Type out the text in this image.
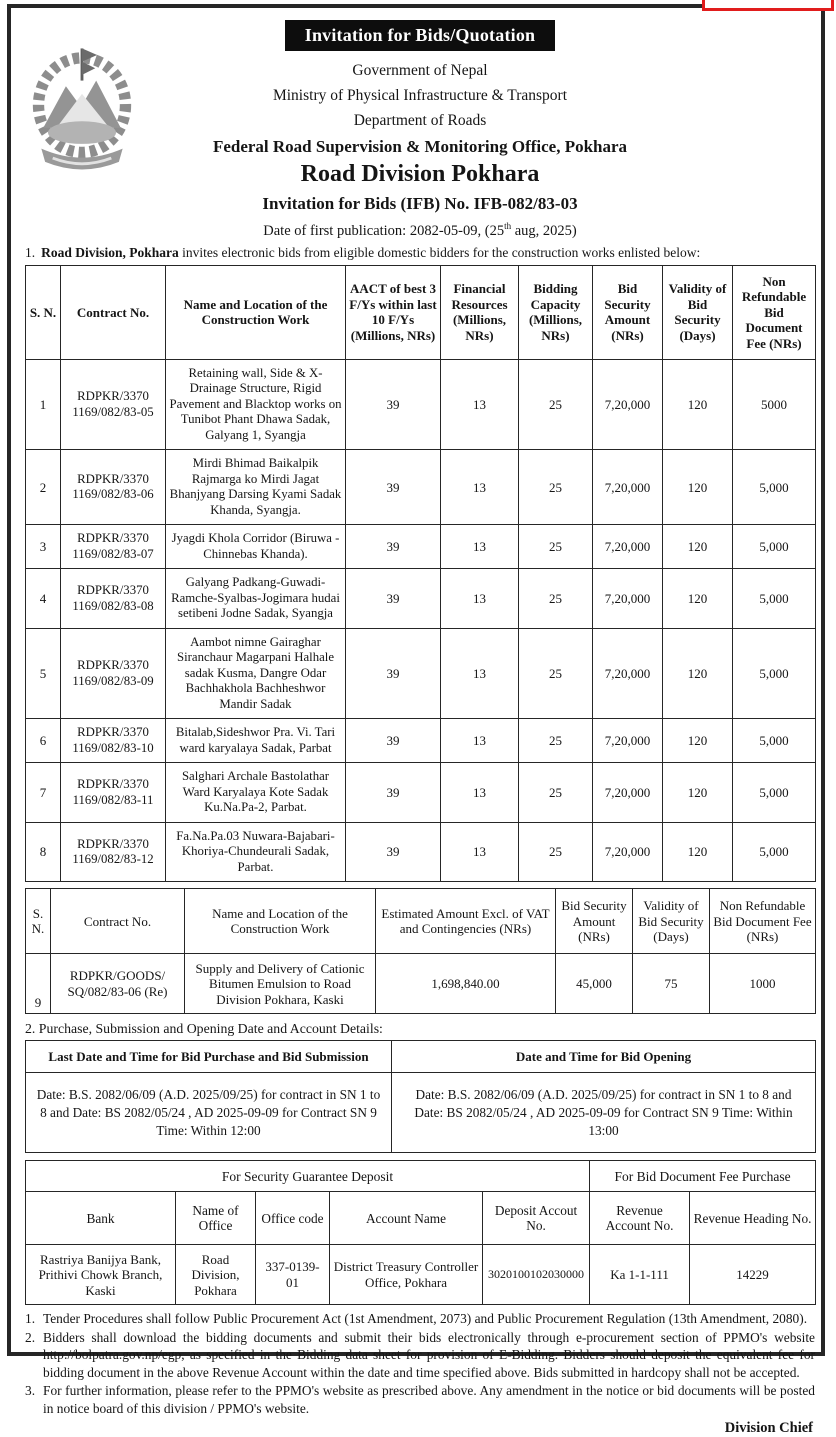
Invitation for Bids/Quotation
Government of Nepal
Ministry of Physical Infrastructure & Transport
Department of Roads
Federal Road Supervision & Monitoring Office, Pokhara
Road Division Pokhara
Invitation for Bids (IFB) No. IFB-082/83-03
Date of first publication: 2082-05-09, (25th aug, 2025)
1. Road Division, Pokhara invites electronic bids from eligible domestic bidders for the construction works enlisted below:
S. N.	Contract No.	Name and Location of the Construction Work	AACT of best 3 F/Ys within last 10 F/Ys (Millions, NRs)	Financial Resources (Millions, NRs)	Bidding Capacity (Millions, NRs)	Bid Security Amount (NRs)	Validity of Bid Security (Days)	Non Refundable Bid Document Fee (NRs)
1	RDPKR/3370 1169/082/83-05	Retaining wall, Side & X-Drainage Structure, Rigid Pavement and Blacktop works on Tunibot Phant Dhawa Sadak, Galyang 1, Syangja	39	13	25	7,20,000	120	5000
2	RDPKR/3370 1169/082/83-06	Mirdi Bhimad Baikalpik Rajmarga ko Mirdi Jagat Bhanjyang Darsing Kyami Sadak Khanda, Syangja.	39	13	25	7,20,000	120	5,000
3	RDPKR/3370 1169/082/83-07	Jyagdi Khola Corridor (Biruwa -Chinnebas Khanda).	39	13	25	7,20,000	120	5,000
4	RDPKR/3370 1169/082/83-08	Galyang Padkang-Guwadi-Ramche-Syalbas-Jogimara hudai setibeni Jodne Sadak, Syangja	39	13	25	7,20,000	120	5,000
5	RDPKR/3370 1169/082/83-09	Aambot nimne Gairaghar Siranchaur Magarpani Halhale sadak Kusma, Dangre Odar Bachhakhola Bachheshwor Mandir Sadak	39	13	25	7,20,000	120	5,000
6	RDPKR/3370 1169/082/83-10	Bitalab,Sideshwor Pra. Vi. Tari ward karyalaya Sadak, Parbat	39	13	25	7,20,000	120	5,000
7	RDPKR/3370 1169/082/83-11	Salghari Archale Bastolathar Ward Karyalaya Kote Sadak Ku.Na.Pa-2, Parbat.	39	13	25	7,20,000	120	5,000
8	RDPKR/3370 1169/082/83-12	Fa.Na.Pa.03 Nuwara-Bajabari-Khoriya-Chundeurali Sadak, Parbat.	39	13	25	7,20,000	120	5,000
S. N.	Contract No.	Name and Location of the Construction Work	Estimated Amount Excl. of VAT and Contingencies (NRs)	Bid Security Amount (NRs)	Validity of Bid Security (Days)	Non Refundable Bid Document Fee (NRs)
9	RDPKR/GOODS/ SQ/082/83-06 (Re)	Supply and Delivery of Cationic Bitumen Emulsion to Road Division Pokhara, Kaski	1,698,840.00	45,000	75	1000
2. Purchase, Submission and Opening Date and Account Details:
Last Date and Time for Bid Purchase and Bid Submission	Date and Time for Bid Opening
Date: B.S. 2082/06/09 (A.D. 2025/09/25) for contract in SN 1 to 8 and Date: BS 2082/05/24 , AD 2025-09-09 for Contract SN 9 Time: Within 12:00	Date: B.S. 2082/06/09 (A.D. 2025/09/25) for contract in SN 1 to 8 and Date: BS 2082/05/24 , AD 2025-09-09 for Contract SN 9 Time: Within 13:00
For Security Guarantee Deposit					For Bid Document Fee Purchase	
Bank	Name of Office	Office code	Account Name	Deposit Accout No.	Revenue Account No.	Revenue Heading No.
Rastriya Banijya Bank, Prithivi Chowk Branch, Kaski	Road Division, Pokhara	337-0139-01	District Treasury Controller Office, Pokhara	3020100102030000	Ka 1-1-111	14229
1. Tender Procedures shall follow Public Procurement Act (1st Amendment, 2073) and Public Procurement Regulation (13th Amendment, 2080).
2. Bidders shall download the bidding documents and submit their bids electronically through e-procurement section of PPMO's website http://bolpatra.gov.np/egp, as specified in the Bidding data sheet for provision of E-Bidding. Bidders should deposit the equivalent fee for bidding document in the above Revenue Account within the date and time specified above. Bids submitted in hardcopy shall not be accepted.
3. For further information, please refer to the PPMO's website as prescribed above. Any amendment in the notice or bid documents will be posted in notice board of this division / PPMO's website.
Division Chief
